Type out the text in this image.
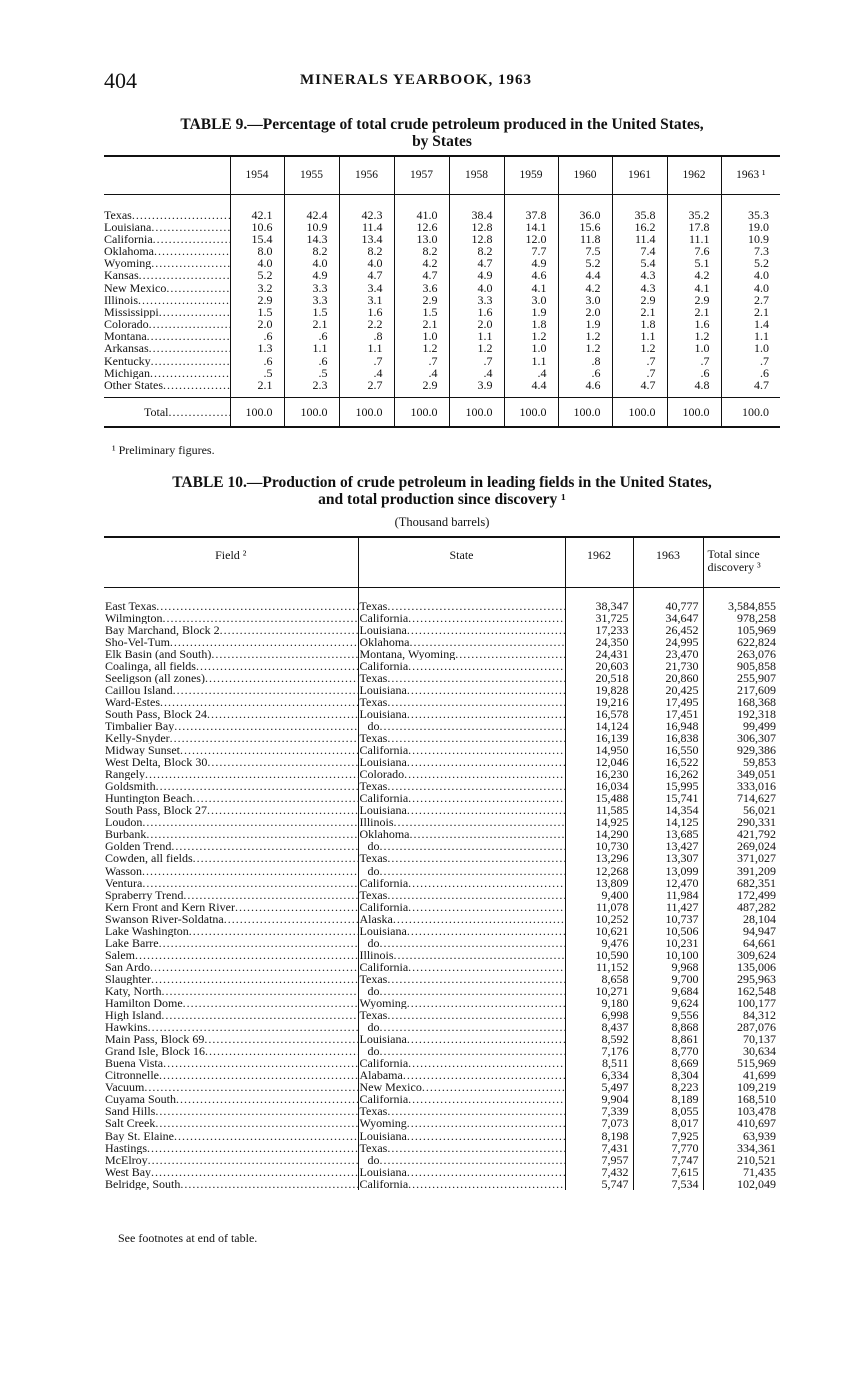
404	MINERALS YEARBOOK, 1963
TABLE 9.—Percentage of total crude petroleum produced in the United States,
by States
	1954	1955	1956	1957	1958	1959	1960	1961	1962	1963 ¹
Texas .....	42.1	42.4	42.3	41.0	38.4	37.8	36.0	35.8	35.2	35.3
Louisiana .....	10.6	10.9	11.4	12.6	12.8	14.1	15.6	16.2	17.8	19.0
California .....	15.4	14.3	13.4	13.0	12.8	12.0	11.8	11.4	11.1	10.9
Oklahoma .....	8.0	8.2	8.2	8.2	8.2	7.7	7.5	7.4	7.6	7.3
Wyoming .....	4.0	4.0	4.0	4.2	4.7	4.9	5.2	5.4	5.1	5.2
Kansas .....	5.2	4.9	4.7	4.7	4.9	4.6	4.4	4.3	4.2	4.0
New Mexico .....	3.2	3.3	3.4	3.6	4.0	4.1	4.2	4.3	4.1	4.0
Illinois .....	2.9	3.3	3.1	2.9	3.3	3.0	3.0	2.9	2.9	2.7
Mississippi .....	1.5	1.5	1.6	1.5	1.6	1.9	2.0	2.1	2.1	2.1
Colorado .....	2.0	2.1	2.2	2.1	2.0	1.8	1.9	1.8	1.6	1.4
Montana .....	.6	.6	.8	1.0	1.1	1.2	1.2	1.1	1.2	1.1
Arkansas .....	1.3	1.1	1.1	1.2	1.2	1.0	1.2	1.2	1.0	1.0
Kentucky .....	.6	.6	.7	.7	.7	1.1	.8	.7	.7	.7
Michigan .....	.5	.5	.4	.4	.4	.4	.6	.7	.6	.6
Other States .....	2.1	2.3	2.7	2.9	3.9	4.4	4.6	4.7	4.8	4.7
Total .....	100.0	100.0	100.0	100.0	100.0	100.0	100.0	100.0	100.0	100.0
¹ Preliminary figures.
TABLE 10.—Production of crude petroleum in leading fields in the United States,
and total production since discovery ¹
(Thousand barrels)
Field ²	State	1962	1963	Total since
discovery ³

East Texas .....	Texas .....	38,347	40,777	3,584,855
Wilmington .....	California .....	31,725	34,647	978,258
Bay Marchand, Block 2 .....	Louisiana .....	17,233	26,452	105,969
Sho-Vel-Tum .....	Oklahoma .....	24,350	24,995	622,824
Elk Basin (and South) .....	Montana, Wyoming .....	24,431	23,470	263,076
Coalinga, all fields .....	California .....	20,603	21,730	905,858
Seeligson (all zones) .....	Texas .....	20,518	20,860	255,907
Caillou Island .....	Louisiana .....	19,828	20,425	217,609
Ward-Estes .....	Texas .....	19,216	17,495	168,368
South Pass, Block 24 .....	Louisiana .....	16,578	17,451	192,318
Timbalier Bay .....	do .....	14,124	16,948	99,499
Kelly-Snyder .....	Texas .....	16,139	16,838	306,307
Midway Sunset .....	California .....	14,950	16,550	929,386
West Delta, Block 30 .....	Louisiana .....	12,046	16,522	59,853
Rangely .....	Colorado .....	16,230	16,262	349,051
Goldsmith .....	Texas .....	16,034	15,995	333,016
Huntington Beach .....	California .....	15,488	15,741	714,627
South Pass, Block 27 .....	Louisiana .....	11,585	14,354	56,021
Loudon .....	Illinois .....	14,925	14,125	290,331
Burbank .....	Oklahoma .....	14,290	13,685	421,792
Golden Trend .....	do .....	10,730	13,427	269,024
Cowden, all fields .....	Texas .....	13,296	13,307	371,027
Wasson .....	do .....	12,268	13,099	391,209
Ventura .....	California .....	13,809	12,470	682,351
Spraberry Trend .....	Texas .....	9,400	11,984	172,499
Kern Front and Kern River .....	California .....	11,078	11,427	487,282
Swanson River-Soldatna .....	Alaska .....	10,252	10,737	28,104
Lake Washington .....	Louisiana .....	10,621	10,506	94,947
Lake Barre .....	do .....	9,476	10,231	64,661
Salem .....	Illinois .....	10,590	10,100	309,624
San Ardo .....	California .....	11,152	9,968	135,006
Slaughter .....	Texas .....	8,658	9,700	295,963
Katy, North .....	do .....	10,271	9,684	162,548
Hamilton Dome .....	Wyoming .....	9,180	9,624	100,177
High Island .....	Texas .....	6,998	9,556	84,312
Hawkins .....	do .....	8,437	8,868	287,076
Main Pass, Block 69 .....	Louisiana .....	8,592	8,861	70,137
Grand Isle, Block 16 .....	do .....	7,176	8,770	30,634
Buena Vista .....	California .....	8,511	8,669	515,969
Citronnelle .....	Alabama .....	6,334	8,304	41,699
Vacuum .....	New Mexico .....	5,497	8,223	109,219
Cuyama South .....	California .....	9,904	8,189	168,510
Sand Hills .....	Texas .....	7,339	8,055	103,478
Salt Creek .....	Wyoming .....	7,073	8,017	410,697
Bay St. Elaine .....	Louisiana .....	8,198	7,925	63,939
Hastings .....	Texas .....	7,431	7,770	334,361
McElroy .....	do .....	7,957	7,747	210,521
West Bay .....	Louisiana .....	7,432	7,615	71,435
Belridge, South .....	California .....	5,747	7,534	102,049
See footnotes at end of table.
